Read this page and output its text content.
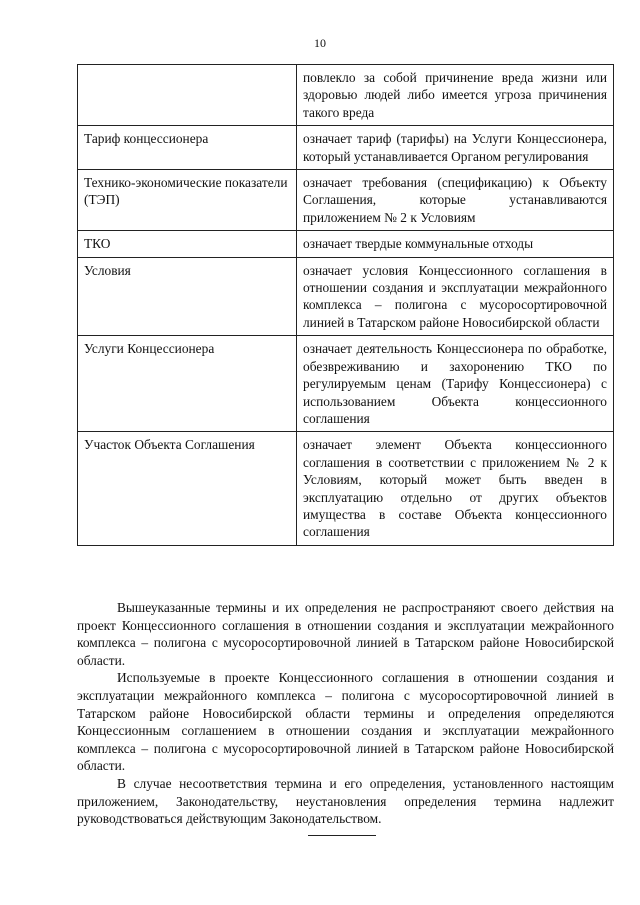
10
	повлекло за собой причинение вреда жизни или здоровью людей либо имеется угроза причинения такого вреда
Тариф концессионера	означает тариф (тарифы) на Услуги Концессионера, который устанавливается Органом регулирования
Технико-экономические показатели (ТЭП)	означает требования (спецификацию) к Объекту Соглашения, которые устанавливаются приложением № 2 к Условиям
ТКО	означает твердые коммунальные отходы
Условия	означает условия Концессионного соглашения в отношении создания и эксплуатации межрайонного комплекса – полигона с мусоросортировочной линией в Татарском районе Новосибирской области
Услуги Концессионера	означает деятельность Концессионера по обработке, обезвреживанию и захоронению ТКО по регулируемым ценам (Тарифу Концессионера) с использованием Объекта концессионного соглашения
Участок Объекта Соглашения	означает элемент Объекта концессионного соглашения в соответствии с приложением № 2 к Условиям, который может быть введен в эксплуатацию отдельно от других объектов имущества в составе Объекта концессионного соглашения

Вышеуказанные термины и их определения не распространяют своего действия на проект Концессионного соглашения в отношении создания и эксплуатации межрайонного комплекса – полигона с мусоросортировочной линией в Татарском районе Новосибирской области.

Используемые в проекте Концессионного соглашения в отношении создания и эксплуатации межрайонного комплекса – полигона с мусоросортировочной линией в Татарском районе Новосибирской области термины и определения определяются Концессионным соглашением в отношении создания и эксплуатации межрайонного комплекса – полигона с мусоросортировочной линией в Татарском районе Новосибирской области.

В случае несоответствия термина и его определения, установленного настоящим приложением, Законодательству, неустановления определения термина надлежит руководствоваться действующим Законодательством.
